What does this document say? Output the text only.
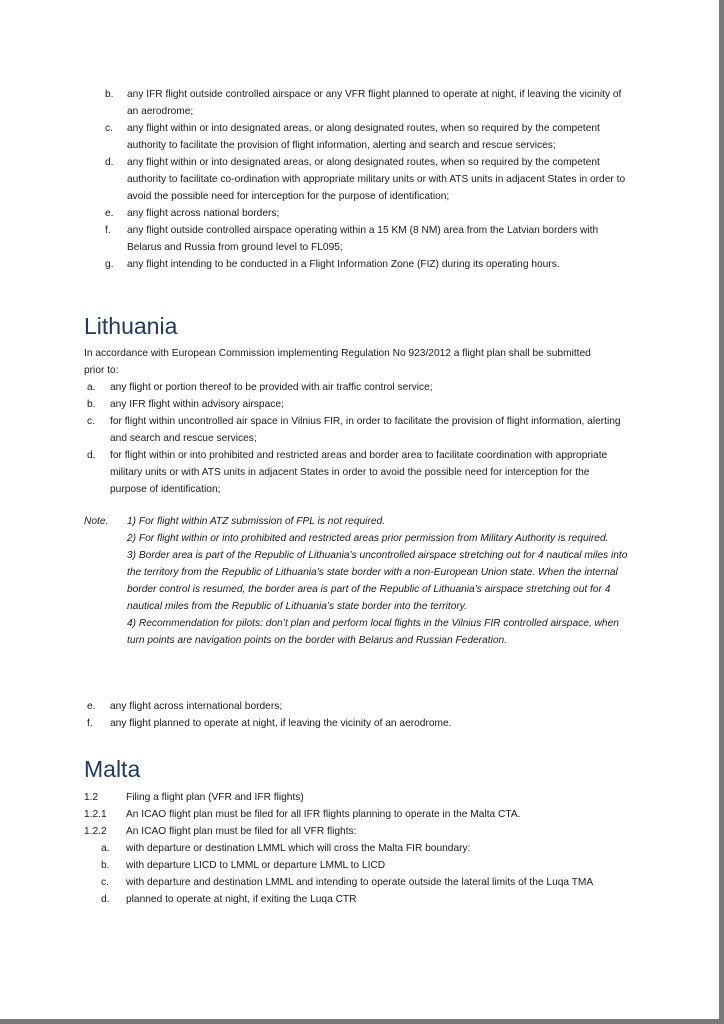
b. any IFR flight outside controlled airspace or any VFR flight planned to operate at night, if leaving the vicinity of an aerodrome;
c. any flight within or into designated areas, or along designated routes, when so required by the competent authority to facilitate the provision of flight information, alerting and search and rescue services;
d. any flight within or into designated areas, or along designated routes, when so required by the competent authority to facilitate co-ordination with appropriate military units or with ATS units in adjacent States in order to avoid the possible need for interception for the purpose of identification;
e. any flight across national borders;
f. any flight outside controlled airspace operating within a 15 KM (8 NM) area from the Latvian borders with Belarus and Russia from ground level to FL095;
g. any flight intending to be conducted in a Flight Information Zone (FIZ) during its operating hours.
Lithuania

In accordance with European Commission implementing Regulation No 923/2012 a flight plan shall be submitted prior to:

a. any flight or portion thereof to be provided with air traffic control service;
b. any IFR flight within advisory airspace;
c. for flight within uncontrolled air space in Vilnius FIR, in order to facilitate the provision of flight information, alerting and search and rescue services;
d. for flight within or into prohibited and restricted areas and border area to facilitate coordination with appropriate military units or with ATS units in adjacent States in order to avoid the possible need for interception for the purpose of identification;
Note. 1) For flight within ATZ submission of FPL is not required.

2) For flight within or into prohibited and restricted areas prior permission from Military Authority is required.

3) Border area is part of the Republic of Lithuania’s uncontrolled airspace stretching out for 4 nautical miles into the territory from the Republic of Lithuania’s state border with a non-European Union state. When the internal border control is resumed, the border area is part of the Republic of Lithuania’s airspace stretching out for 4 nautical miles from the Republic of Lithuania’s state border into the territory.

4) Recommendation for pilots: don’t plan and perform local flights in the Vilnius FIR controlled airspace, when turn points are navigation points on the border with Belarus and Russian Federation.

e. any flight across international borders;
f. any flight planned to operate at night, if leaving the vicinity of an aerodrome.
Malta
1.2	Filing a flight plan (VFR and IFR flights)
1.2.1 An ICAO flight plan must be filed for all IFR flights planning to operate in the Malta CTA.
1.2.2 An ICAO flight plan must be filed for all VFR flights:
a. with departure or destination LMML which will cross the Malta FIR boundary:
b. with departure LICD to LMML or departure LMML to LICD
c. with departure and destination LMML and intending to operate outside the lateral limits of the Luqa TMA
d. planned to operate at night, if exiting the Luqa CTR
